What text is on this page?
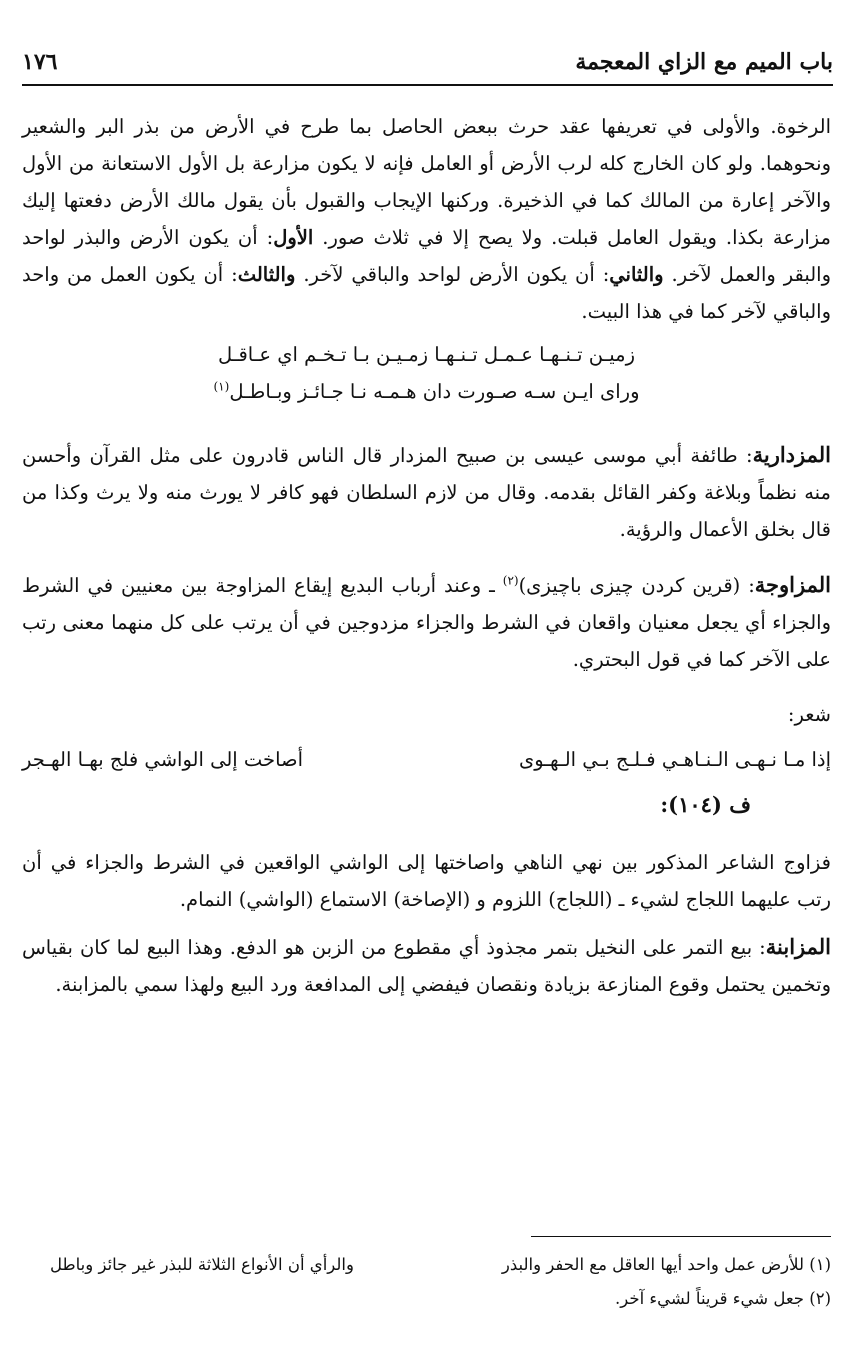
باب الميم مع الزاي المعجمة
١٧٦

الرخوة. والأولى في تعريفها عقد حرث ببعض الحاصل بما طرح في الأرض من بذر البر والشعير ونحوهما. ولو كان الخارج كله لرب الأرض أو العامل فإنه لا يكون مزارعة بل الأول الاستعانة من الأول والآخر إعارة من المالك كما في الذخيرة. وركنها الإيجاب والقبول بأن يقول مالك الأرض دفعتها إليك مزارعة بكذا. ويقول العامل قبلت. ولا يصح إلا في ثلاث صور. الأول: أن يكون الأرض والبذر لواحد والبقر والعمل لآخر. والثاني: أن يكون الأرض لواحد والباقي لآخر. والثالث: أن يكون العمل من واحد والباقي لآخر كما في هذا البيت.

زميـن تـنـهـا عـمـل تـنـهـا زمـيـن بـا تـخـم اي عـاقـل
وراى ايـن سـه صـورت دان هـمـه نـا جـائـز وبـاطـل$^{(١)}$

المزدارية: طائفة أبي موسى عيسى بن صبيح المزدار قال الناس قادرون على مثل القرآن وأحسن منه نظماً وبلاغة وكفر القائل بقدمه. وقال من لازم السلطان فهو كافر لا يورث منه ولا يرث وكذا من قال بخلق الأعمال والرؤية.

المزاوجة: (قرين كردن چيزى باچيزى)$^{(٢)}$ ـ وعند أرباب البديع إيقاع المزاوجة بين معنيين في الشرط والجزاء أي يجعل معنيان واقعان في الشرط والجزاء مزدوجين في أن يرتب على كل منهما معنى رتب على الآخر كما في قول البحتري.

شعر:

إذا مـا نـهـى الـنـاهـي فـلـج بـي الـهـوى
أصاخت إلى الواشي فلج بهـا الهـجر

ف (١٠٤):

فزاوج الشاعر المذكور بين نهي الناهي واصاختها إلى الواشي الواقعين في الشرط والجزاء في أن رتب عليهما اللجاج لشيء ـ (اللجاج) اللزوم و (الإصاخة) الاستماع (الواشي) النمام.

المزابنة: بيع التمر على النخيل بتمر مجذوذ أي مقطوع من الزبن هو الدفع. وهذا البيع لما كان بقياس وتخمين يحتمل وقوع المنازعة بزيادة ونقصان فيفضي إلى المدافعة ورد البيع ولهذا سمي بالمزابنة.

(١) للأرض عمل واحد أيها العاقل مع الحفر والبذر
والرأي أن الأنواع الثلاثة للبذر غير جائز وباطل
(٢) جعل شيء قريناً لشيء آخر.
